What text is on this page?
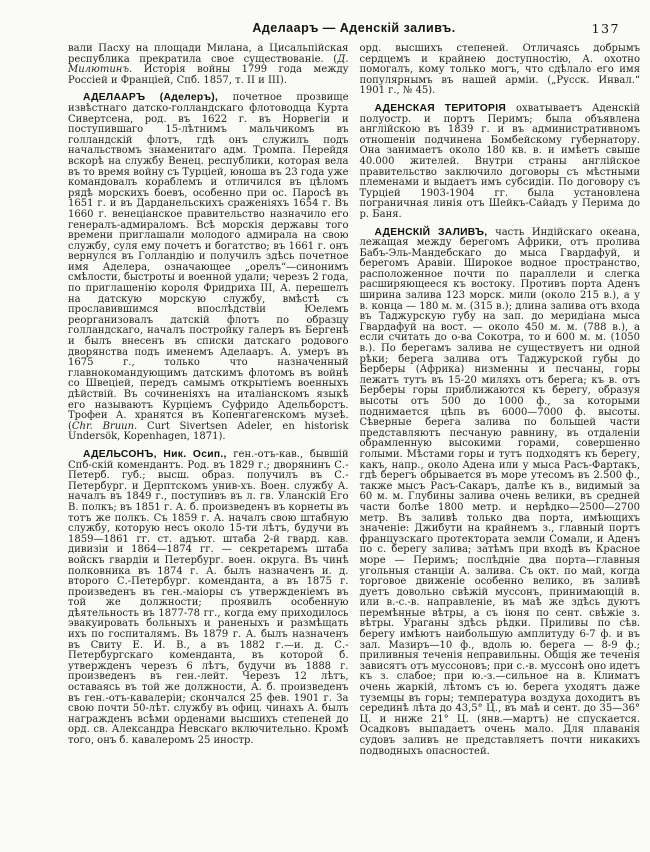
Аделааръ — Аденскій заливъ.	137

вали Пасху на площади Милана, а Цисальпійская республика прекратила свое существованіе. (Д. Милютинъ. Исторія войны 1799 года между Россіей и Франціей, Спб. 1857, т. II и III).

АДЕЛААРЪ (Аделеръ), почетное прозвище извѣстнаго датско-голландскаго флотоводца Курта Сивертсена, род. въ 1622 г. въ Норвегіи и поступившаго 15-лѣтнимъ мальчикомъ въ голландскій флотъ, гдѣ онъ служилъ подъ начальствомъ знаменитаго адм. Тромпа. Перейдя вскорѣ на службу Венец. республики, которая вела въ то время войну съ Турціей, юноша въ 23 года уже командовалъ кораблемъ и отличился въ цѣломъ рядѣ морскихъ боевъ, особенно при ос. Паросѣ въ 1651 г. и въ Дарданельскихъ сраженіяхъ 1654 г. Въ 1660 г. венеціанское правительство назначило его генералъ-адмираломъ. Всѣ морскія державы того времени приглашали молодого адмирала на свою службу, суля ему почетъ и богатство; въ 1661 г. онъ вернулся въ Голландію и получилъ здѣсь почетное имя Аделера, означающее „орелъ“—синонимъ смѣлости, быстроты и военной удали; черезъ 2 года, по приглашенію короля Фридриха III, А. перешелъ на датскую морскую службу, вмѣстѣ съ прославившимся впослѣдствіи Юелемъ реорганизовалъ датскій флотъ по образцу голландскаго, началъ постройку галеръ въ Бергенѣ и былъ внесенъ въ списки датскаго родового дворянства подъ именемъ Аделааръ. А. умеръ въ 1675 г., только что назначенный главнокомандующимъ датскимъ флотомъ въ войнѣ со Швеціей, передъ самымъ открытіемъ военныхъ дѣйствій. Въ сочиненіяхъ на италіанскомъ языкѣ его называютъ Курціемъ Суфридо Адельборстъ. Трофеи А. хранятся въ Копенгагенскомъ музеѣ. (Chr. Bruun. Curt Sivertsen Adeler, en historisk Undersök, Kopenhagen, 1871).

АДЕЛЬСОНЪ, Ник. Осип., ген.-отъ-кав., бывшій Спб-скій комендантъ. Род. въ 1829 г.; дворянинъ С.-Петерб. губ.; высш. образ. получилъ въ С.-Петербург. и Дерптскомъ унив-хъ. Воен. службу А. началъ въ 1849 г., поступивъ въ л. гв. Уланскій Его В. полкъ; въ 1851 г. А. б. произведенъ въ корнеты въ тотъ же полкъ. Съ 1859 г. А. началъ свою штабную службу, которую несъ около 15-ти лѣтъ, будучи въ 1859—1861 гг. ст. адъют. штаба 2-й гвард. кав. дивизіи и 1864—1874 гг. — секретаремъ штаба войскъ гвардіи и Петербург. воен. округа. Въ чинѣ полковника въ 1874 г. А. былъ назначенъ и. д. второго С.-Петербург. коменданта, а въ 1875 г. произведенъ въ ген.-маіоры съ утвержденіемъ въ той же должности; проявилъ особенную дѣятельность въ 1877-78 гг., когда ему приходилось эвакуировать больныхъ и раненыхъ и размѣщать ихъ по госпиталямъ. Въ 1879 г. А. былъ назначенъ въ Свиту Е. И. В., а въ 1882 г.—и. д. С.-Петербургскаго коменданта, въ которой б. утвержденъ черезъ 6 лѣтъ, будучи въ 1888 г. произведенъ въ ген.-лейт. Черезъ 12 лѣтъ, оставаясь въ той же должности, А. б. произведенъ въ ген.-отъ-кавалеріи; скончался 25 фев. 1901 г. За свою почти 50-лѣт. службу въ офиц. чинахъ А. былъ награжденъ всѣми орденами высшихъ степеней до орд. св. Александра Невскаго включительно. Кромѣ того, онъ б. кавалеромъ 25 иностр.

орд. высшихъ степеней. Отличаясь добрымъ сердцемъ и крайнею доступностію, А. охотно помогалъ, кому только могъ, что сдѣлало его имя популярнымъ въ нашей арміи. („Русск. Инвал.“ 1901 г., № 45).

АДЕНСКАЯ ТЕРИТОРІЯ охватываетъ Аденскій полуостр. и портъ Перимъ; была объявлена англійскою въ 1839 г. и въ административномъ отношеніи подчинена Бомбейскому губернатору. Она занимаетъ около 180 кв. в. и имѣетъ свыше 40.000 жителей. Внутри страны англійское правительство заключило договоры съ мѣстными племенами и выдаетъ имъ субсидіи. По договору съ Турціей 1903-1904 гг. была установлена пограничная линія отъ Шейкъ-Сайадъ у Перима до р. Баня.

АДЕНСКІЙ ЗАЛИВЪ, часть Индійскаго океана, лежащая между берегомъ Африки, отъ пролива Бабъ-Эль-Мандебскаго до мыса Гвардафуй, и берегомъ Аравіи. Широкое водное пространство, расположенное почти по параллели и слегка расширяющееся къ востоку. Противъ порта Аденъ ширина залива 123 морск. мили (около 215 в.), а у в. конца — 180 м. м. (315 в.); длина залива отъ входа въ Таджурскую губу на зап. до меридіана мыса Гвардафуй на вост. — около 450 м. м. (788 в.), а если считать до о-ва Сокотра, то и 600 м. м. (1050 в.). По берегамъ залива не существуетъ ни одной рѣки; берега залива отъ Таджурской губы до Берберы (Африка) низменны и песчаны, горы лежатъ тутъ въ 15-20 миляхъ отъ берега; къ в. отъ Берберы горы приближаются къ берегу, образуя высоты отъ 500 до 1000 ф., за которыми поднимается цѣпь въ 6000—7000 ф. высоты. Сѣверные берега залива по большей части представляютъ песчаную равнину, въ отдаленіи обрамленную высокими горами, совершенно голыми. Мѣстами горы и тутъ подходятъ къ берегу, какъ, напр., около Адена или у мыса Расъ-Фартакъ, гдѣ берегъ обрывается въ море утесомъ въ 2.500 ф., также мысъ Расъ-Сакаръ, далѣе къ в., видимый за 60 м. м. Глубины залива очень велики, въ средней части болѣе 1800 метр. и нерѣдко—2500—2700 метр. Въ заливѣ только два порта, имѣющихъ значеніе: Джибути на крайнемъ з., главный портъ французскаго протектората земли Сомали, и Аденъ по с. берегу залива; затѣмъ при входѣ въ Красное море — Перимъ; послѣдніе два порта—главныя угольныя станціи А. залива. Съ окт. по май, когда торговое движеніе особенно велико, въ заливѣ дуетъ довольно свѣжій муссонъ, принимающій в. или в.-с.-в. направленіе, въ маѣ же здѣсь дуютъ перемѣнные вѣтры, а съ іюня по сент. свѣжіе з. вѣтры. Ураганы здѣсь рѣдки. Приливы по сѣв. берегу имѣютъ наибольшую амплитуду 6-7 ф. и въ зал. Мазиръ—10 ф., вдоль ю. берега — 8-9 ф.; приливныя теченія неправильны. Общія же теченія зависятъ отъ муссоновъ; при с.-в. муссонѣ оно идетъ къ з. слабое; при ю.-з.—сильное на в. Климатъ очень жаркій, лѣтомъ съ ю. берега уходятъ даже туземцы въ горы; температура воздуха доходитъ въ серединѣ лѣта до 43,5° Ц., въ маѣ и сент. до 35—36° Ц. и ниже 21° Ц. (янв.—мартъ) не спускается. Осадковъ выпадаетъ очень мало. Для плаванія судовъ заливъ не представляетъ почти никакихъ подводныхъ опасностей.
